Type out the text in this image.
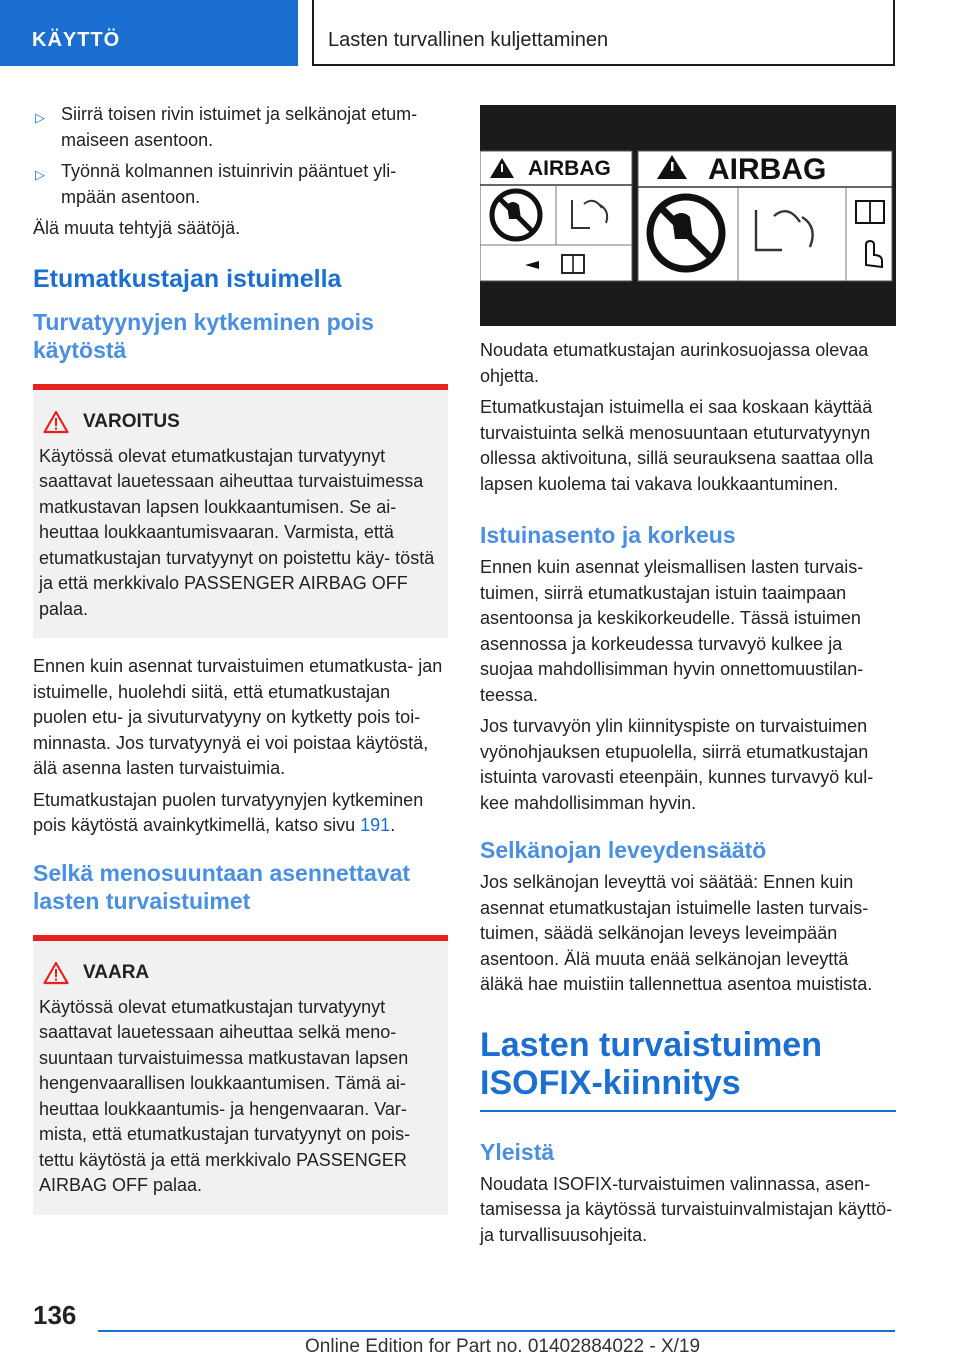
KÄYTTÖ	Lasten turvallinen kuljettaminen
▷ Siirrä toisen rivin istuimet ja selkänojat etum- maiseen asentoon.
▷ Työnnä kolmannen istuinrivin pääntuet yli- mpään asentoon.

Älä muuta tehtyjä säätöjä.

Etumatkustajan istuimella
Turvatyynyjen kytkeminen pois käytöstä
VAROITUS

Käytössä olevat etumatkustajan turvatyynyt saattavat lauetessaan aiheuttaa turvaistuimessa matkustavan lapsen loukkaantumisen. Se ai- heuttaa loukkaantumisvaaran. Varmista, että etumatkustajan turvatyynyt on poistettu käy- töstä ja että merkkivalo PASSENGER AIRBAG OFF palaa.

Ennen kuin asennat turvaistuimen etumatkusta- jan istuimelle, huolehdi siitä, että etumatkustajan puolen etu- ja sivuturvatyyny on kytketty pois toi- minnasta. Jos turvatyynyä ei voi poistaa käytöstä, älä asenna lasten turvaistuimia.

Etumatkustajan puolen turvatyynyjen kytkeminen pois käytöstä avainkytkimellä, katso sivu 191.

Selkä menosuuntaan asennettavat lasten turvaistuimet
VAARA

Käytössä olevat etumatkustajan turvatyynyt saattavat lauetessaan aiheuttaa selkä meno- suuntaan turvaistuimessa matkustavan lapsen hengenvaarallisen loukkaantumisen. Tämä ai- heuttaa loukkaantumis- ja hengenvaaran. Var- mista, että etumatkustajan turvatyynyt on pois- tettu käytöstä ja että merkkivalo PASSENGER AIRBAG OFF palaa.

AIRBAG	AIRBAG

Noudata etumatkustajan aurinkosuojassa olevaa ohjetta.

Etumatkustajan istuimella ei saa koskaan käyttää turvaistuinta selkä menosuuntaan etuturvatyynyn ollessa aktivoituna, sillä seurauksena saattaa olla lapsen kuolema tai vakava loukkaantuminen.

Istuinasento ja korkeus

Ennen kuin asennat yleismallisen lasten turvais- tuimen, siirrä etumatkustajan istuin taaimpaan asentoonsa ja keskikorkeudelle. Tässä istuimen asennossa ja korkeudessa turvavyö kulkee ja suojaa mahdollisimman hyvin onnettomuustilan- teessa.

Jos turvavyön ylin kiinnityspiste on turvaistuimen vyönohjauksen etupuolella, siirrä etumatkustajan istuinta varovasti eteenpäin, kunnes turvavyö kul- kee mahdollisimman hyvin.

Selkänojan leveydensäätö

Jos selkänojan leveyttä voi säätää: Ennen kuin asennat etumatkustajan istuimelle lasten turvais- tuimen, säädä selkänojan leveys leveimpään asentoon. Älä muuta enää selkänojan leveyttä äläkä hae muistiin tallennettua asentoa muistista.

Lasten turvaistuimen ISOFIX-kiinnitys
Yleistä

Noudata ISOFIX-turvaistuimen valinnassa, asen- tamisessa ja käytössä turvaistuinvalmistajan käyttö- ja turvallisuusohjeita.

136
Online Edition for Part no. 01402884022 - X/19
